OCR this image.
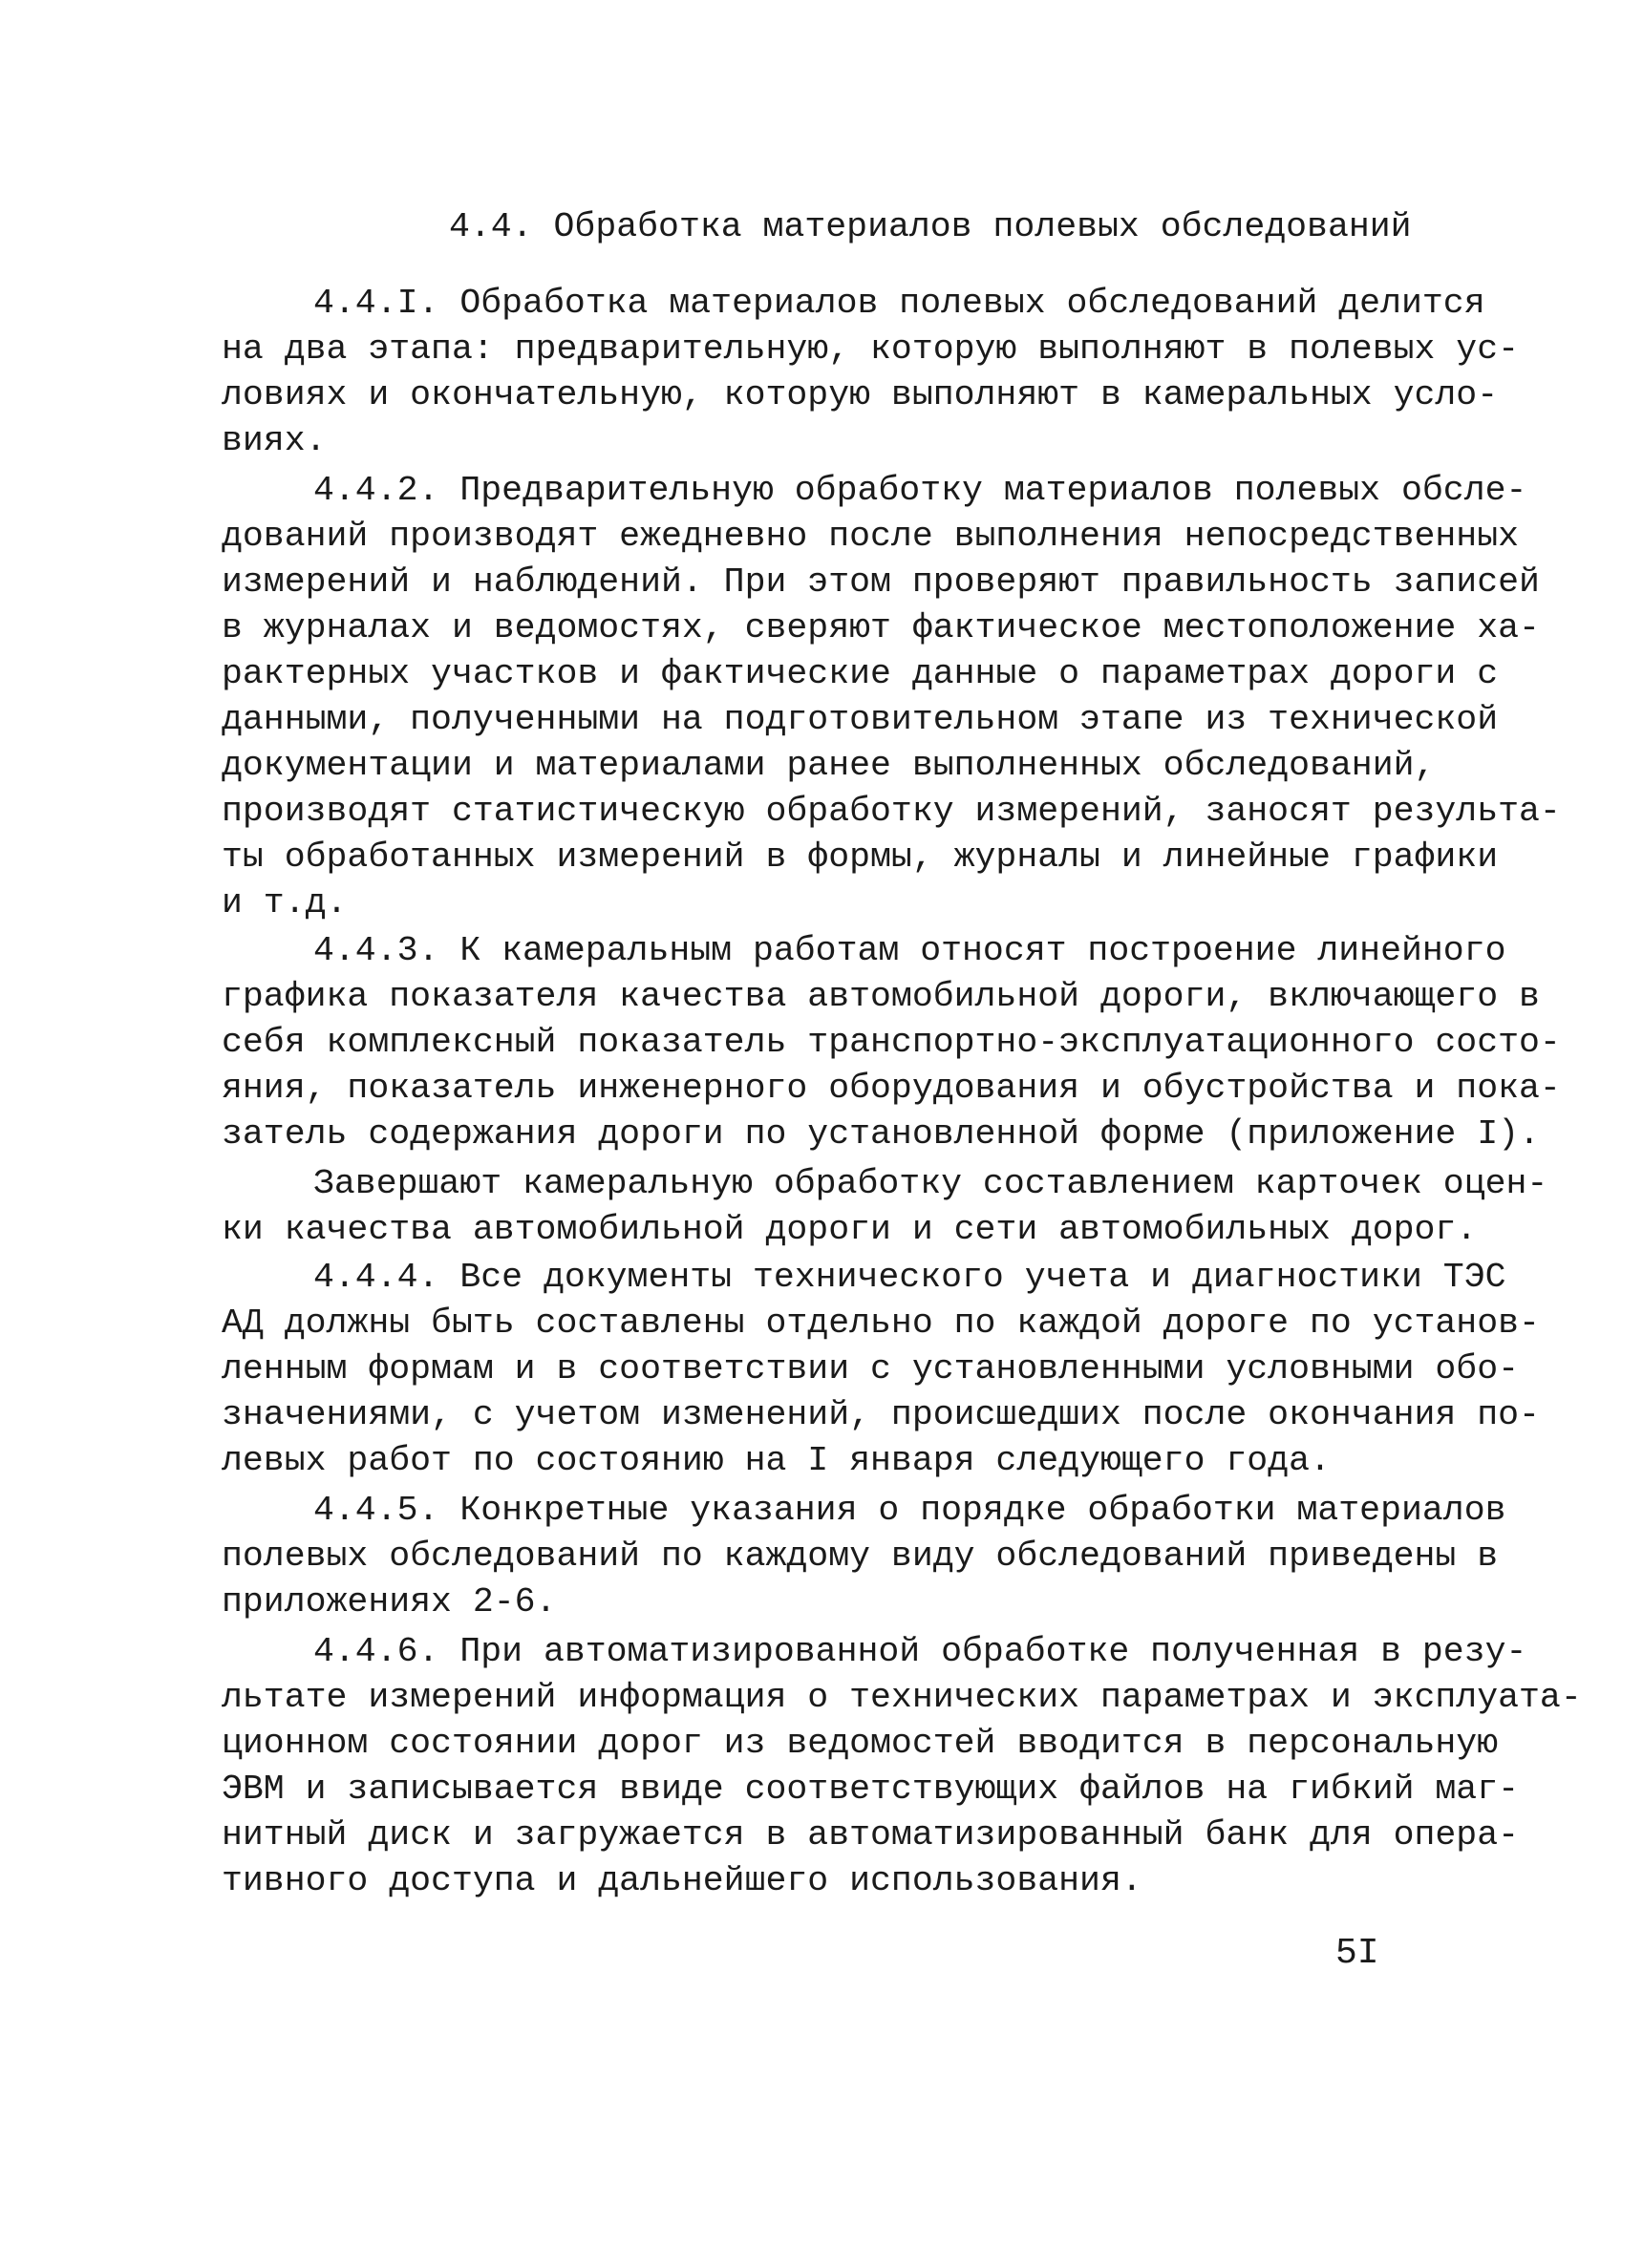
4.4. Обработка материалов полевых обследований
4.4.I. Обработка материалов полевых обследований делится
на два этапа: предварительную, которую выполняют в полевых ус-
ловиях и окончательную, которую выполняют в камеральных усло-
виях.
4.4.2. Предварительную обработку материалов полевых обсле-
дований производят ежедневно после выполнения непосредственных
измерений и наблюдений. При этом проверяют правильность записей
в журналах и ведомостях, сверяют фактическое местоположение ха-
рактерных участков и фактические данные о параметрах дороги с
данными, полученными на подготовительном этапе из технической
документации и материалами ранее выполненных обследований,
производят статистическую обработку измерений, заносят результа-
ты обработанных измерений в формы, журналы и линейные графики
и т.д.
4.4.3. К камеральным работам относят построение линейного
графика показателя качества автомобильной дороги, включающего в
себя комплексный показатель транспортно-эксплуатационного состо-
яния, показатель инженерного оборудования и обустройства и пока-
затель содержания дороги по установленной форме (приложение I).
Завершают камеральную обработку составлением карточек оцен-
ки качества автомобильной дороги и сети автомобильных дорог.
4.4.4. Все документы технического учета и диагностики ТЭС
АД должны быть составлены отдельно по каждой дороге по установ-
ленным формам и в соответствии с установленными условными обо-
значениями, с учетом изменений, происшедших после окончания по-
левых работ по состоянию на I января следующего года.
4.4.5. Конкретные указания о порядке обработки материалов
полевых обследований по каждому виду обследований приведены в
приложениях 2-6.
4.4.6. При автоматизированной обработке полученная в резу-
льтате измерений информация о технических параметрах и эксплуата-
ционном состоянии дорог из ведомостей вводится в персональную
ЭВМ и записывается ввиде соответствующих файлов на гибкий маг-
нитный диск и загружается в автоматизированный банк для опера-
тивного доступа и дальнейшего использования.
5I
